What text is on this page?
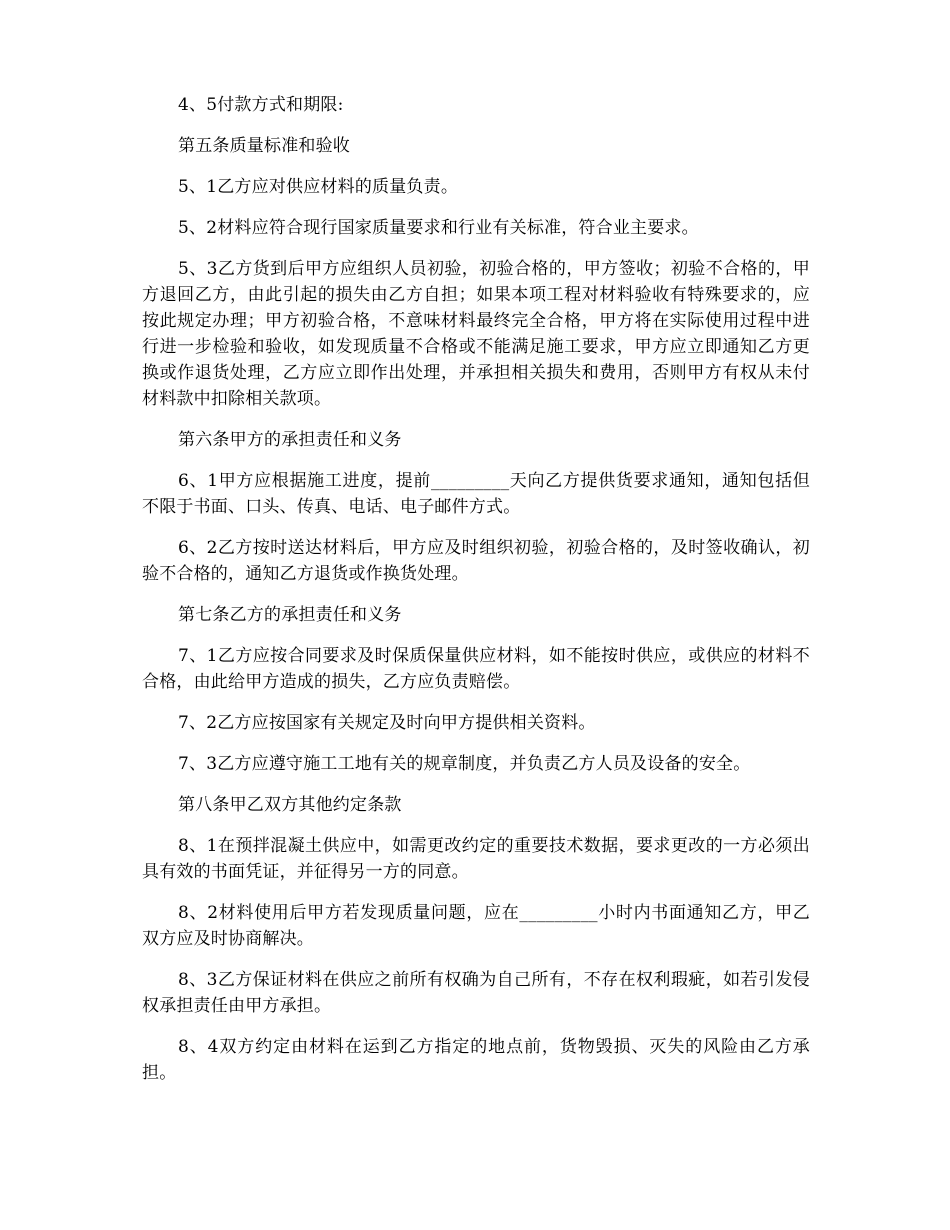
4、5付款方式和期限:

第五条质量标准和验收

5、1乙方应对供应材料的质量负责。

5、2材料应符合现行国家质量要求和行业有关标准，符合业主要求。

5、3乙方货到后甲方应组织人员初验，初验合格的，甲方签收；初验不合格的，甲方退回乙方，由此引起的损失由乙方自担；如果本项工程对材料验收有特殊要求的，应按此规定办理；甲方初验合格，不意味材料最终完全合格，甲方将在实际使用过程中进行进一步检验和验收，如发现质量不合格或不能满足施工要求，甲方应立即通知乙方更换或作退货处理，乙方应立即作出处理，并承担相关损失和费用，否则甲方有权从未付材料款中扣除相关款项。

第六条甲方的承担责任和义务

6、1甲方应根据施工进度，提前_________天向乙方提供货要求通知，通知包括但不限于书面、口头、传真、电话、电子邮件方式。

6、2乙方按时送达材料后，甲方应及时组织初验，初验合格的，及时签收确认，初验不合格的，通知乙方退货或作换货处理。

第七条乙方的承担责任和义务

7、1乙方应按合同要求及时保质保量供应材料，如不能按时供应，或供应的材料不合格，由此给甲方造成的损失，乙方应负责赔偿。

7、2乙方应按国家有关规定及时向甲方提供相关资料。

7、3乙方应遵守施工工地有关的规章制度，并负责乙方人员及设备的安全。

第八条甲乙双方其他约定条款

8、1在预拌混凝土供应中，如需更改约定的重要技术数据，要求更改的一方必须出具有效的书面凭证，并征得另一方的同意。

8、2材料使用后甲方若发现质量问题，应在_________小时内书面通知乙方，甲乙双方应及时协商解决。

8、3乙方保证材料在供应之前所有权确为自己所有，不存在权利瑕疵，如若引发侵权承担责任由甲方承担。

8、4双方约定由材料在运到乙方指定的地点前，货物毁损、灭失的风险由乙方承担。
